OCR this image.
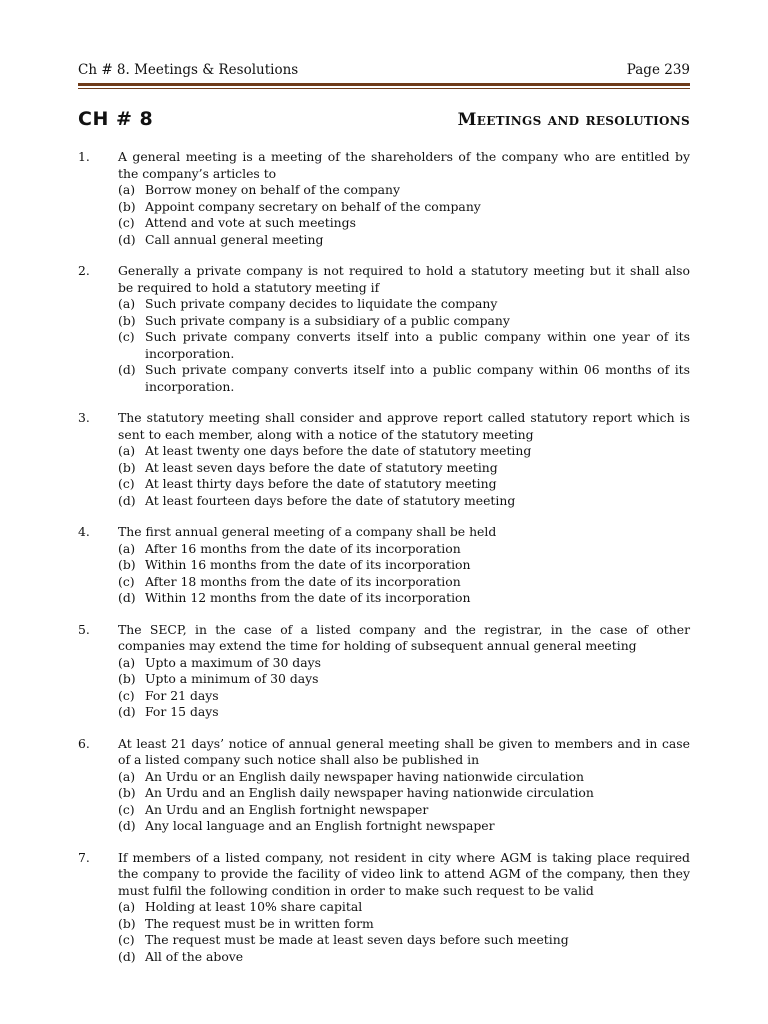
Ch # 8. Meetings & Resolutions	Page 239
CH # 8	Meetings and resolutions
1. A general meeting is a meeting of the shareholders of the company who are entitled by the company’s articles to
(a) Borrow money on behalf of the company
(b) Appoint company secretary on behalf of the company
(c) Attend and vote at such meetings
(d) Call annual general meeting
2. Generally a private company is not required to hold a statutory meeting but it shall also be required to hold a statutory meeting if
(a) Such private company decides to liquidate the company
(b) Such private company is a subsidiary of a public company
(c) Such private company converts itself into a public company within one year of its incorporation.
(d) Such private company converts itself into a public company within 06 months of its incorporation.
3. The statutory meeting shall consider and approve report called statutory report which is sent to each member, along with a notice of the statutory meeting
(a) At least twenty one days before the date of statutory meeting
(b) At least seven days before the date of statutory meeting
(c) At least thirty days before the date of statutory meeting
(d) At least fourteen days before the date of statutory meeting
4. The first annual general meeting of a company shall be held
(a) After 16 months from the date of its incorporation
(b) Within 16 months from the date of its incorporation
(c) After 18 months from the date of its incorporation
(d) Within 12 months from the date of its incorporation
5. The SECP, in the case of a listed company and the registrar, in the case of other companies may extend the time for holding of subsequent annual general meeting
(a) Upto a maximum of 30 days
(b) Upto a minimum of 30 days
(c) For 21 days
(d) For 15 days
6. At least 21 days’ notice of annual general meeting shall be given to members and in case of a listed company such notice shall also be published in
(a) An Urdu or an English daily newspaper having nationwide circulation
(b) An Urdu and an English daily newspaper having nationwide circulation
(c) An Urdu and an English fortnight newspaper
(d) Any local language and an English fortnight newspaper
7. If members of a listed company, not resident in city where AGM is taking place required the company to provide the facility of video link to attend AGM of the company, then they must fulfil the following condition in order to make such request to be valid
(a) Holding at least 10% share capital
(b) The request must be in written form
(c) The request must be made at least seven days before such meeting
(d) All of the above
